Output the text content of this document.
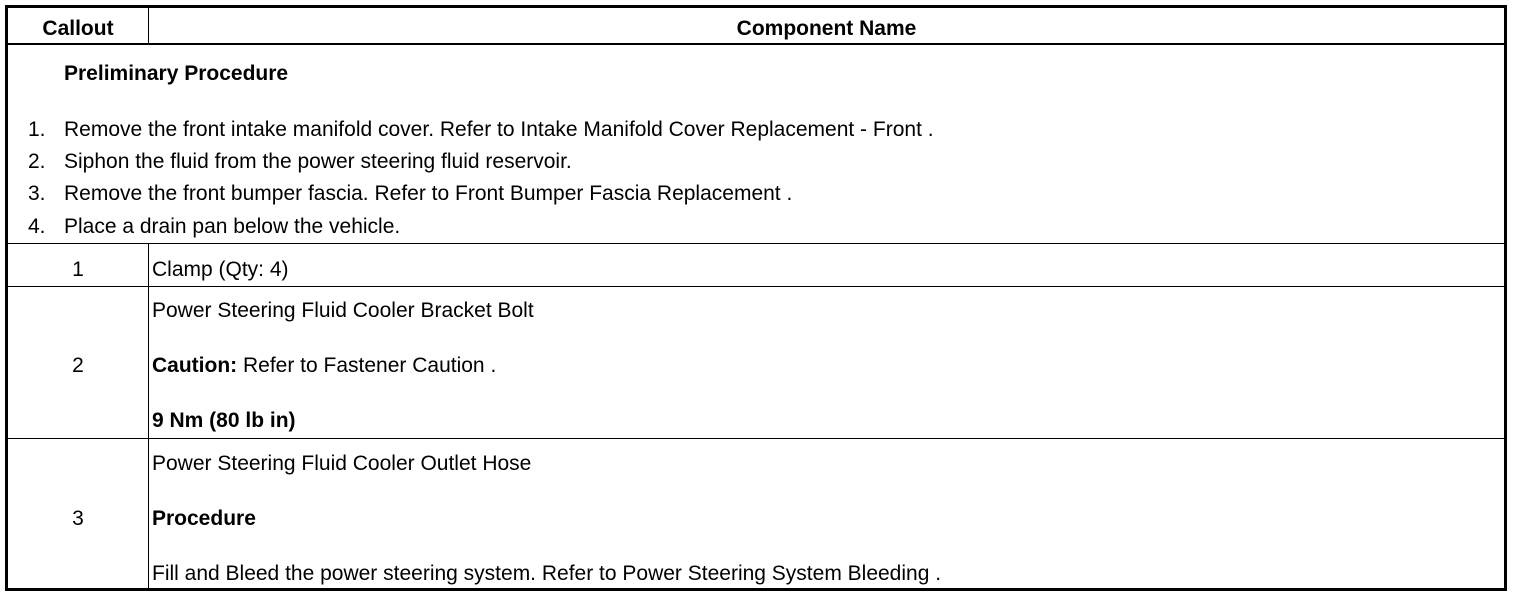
Callout	Component Name
Preliminary Procedure
1. Remove the front intake manifold cover. Refer to Intake Manifold Cover Replacement - Front .
2. Siphon the fluid from the power steering fluid reservoir.
3. Remove the front bumper fascia. Refer to Front Bumper Fascia Replacement .
4. Place a drain pan below the vehicle.
1	Clamp (Qty: 4)
2
Power Steering Fluid Cooler Bracket Bolt
Caution: Refer to Fastener Caution .
9 Nm (80 lb in)
3
Power Steering Fluid Cooler Outlet Hose
Procedure
Fill and Bleed the power steering system. Refer to Power Steering System Bleeding .
